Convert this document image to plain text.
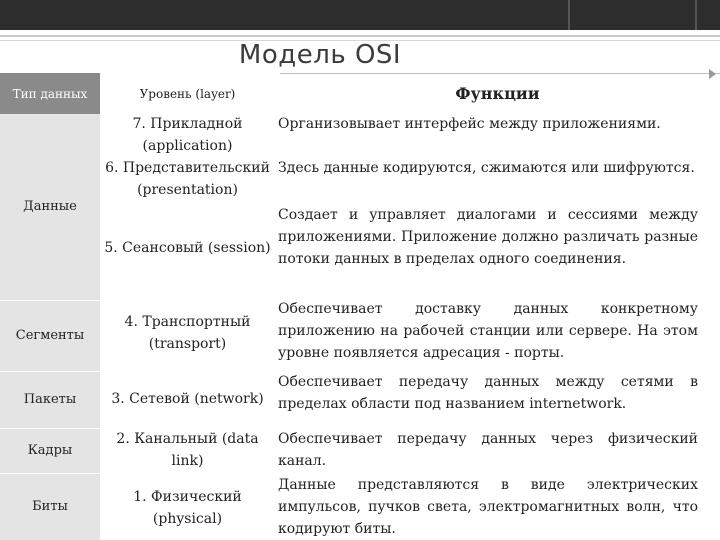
Модель OSI
Тип данных
Данные
Сегменты
Пакеты
Кадры
Биты
Уровень (layer)	Функции
7. Прикладной (application)
Организовывает интерфейс между приложениями.
6. Представительский (presentation)
Здесь данные кодируются, сжимаются или шифруются.
5. Сеансовый (session)
Создает и управляет диалогами и сессиями между приложениями. Приложение должно различать разные потоки данных в пределах одного соединения.
4. Транспортный (transport)
Обеспечивает доставку данных конкретному приложению на рабочей станции или сервере. На этом уровне появляется адресация - порты.
3. Сетевой (network)
Обеспечивает передачу данных между сетями в пределах области под названием internetwork.
2. Канальный (data link)
Обеспечивает передачу данных через физический канал.
1. Физический (physical)
Данные представляются в виде электрических импульсов, пучков света, электромагнитных волн, что кодируют биты.
